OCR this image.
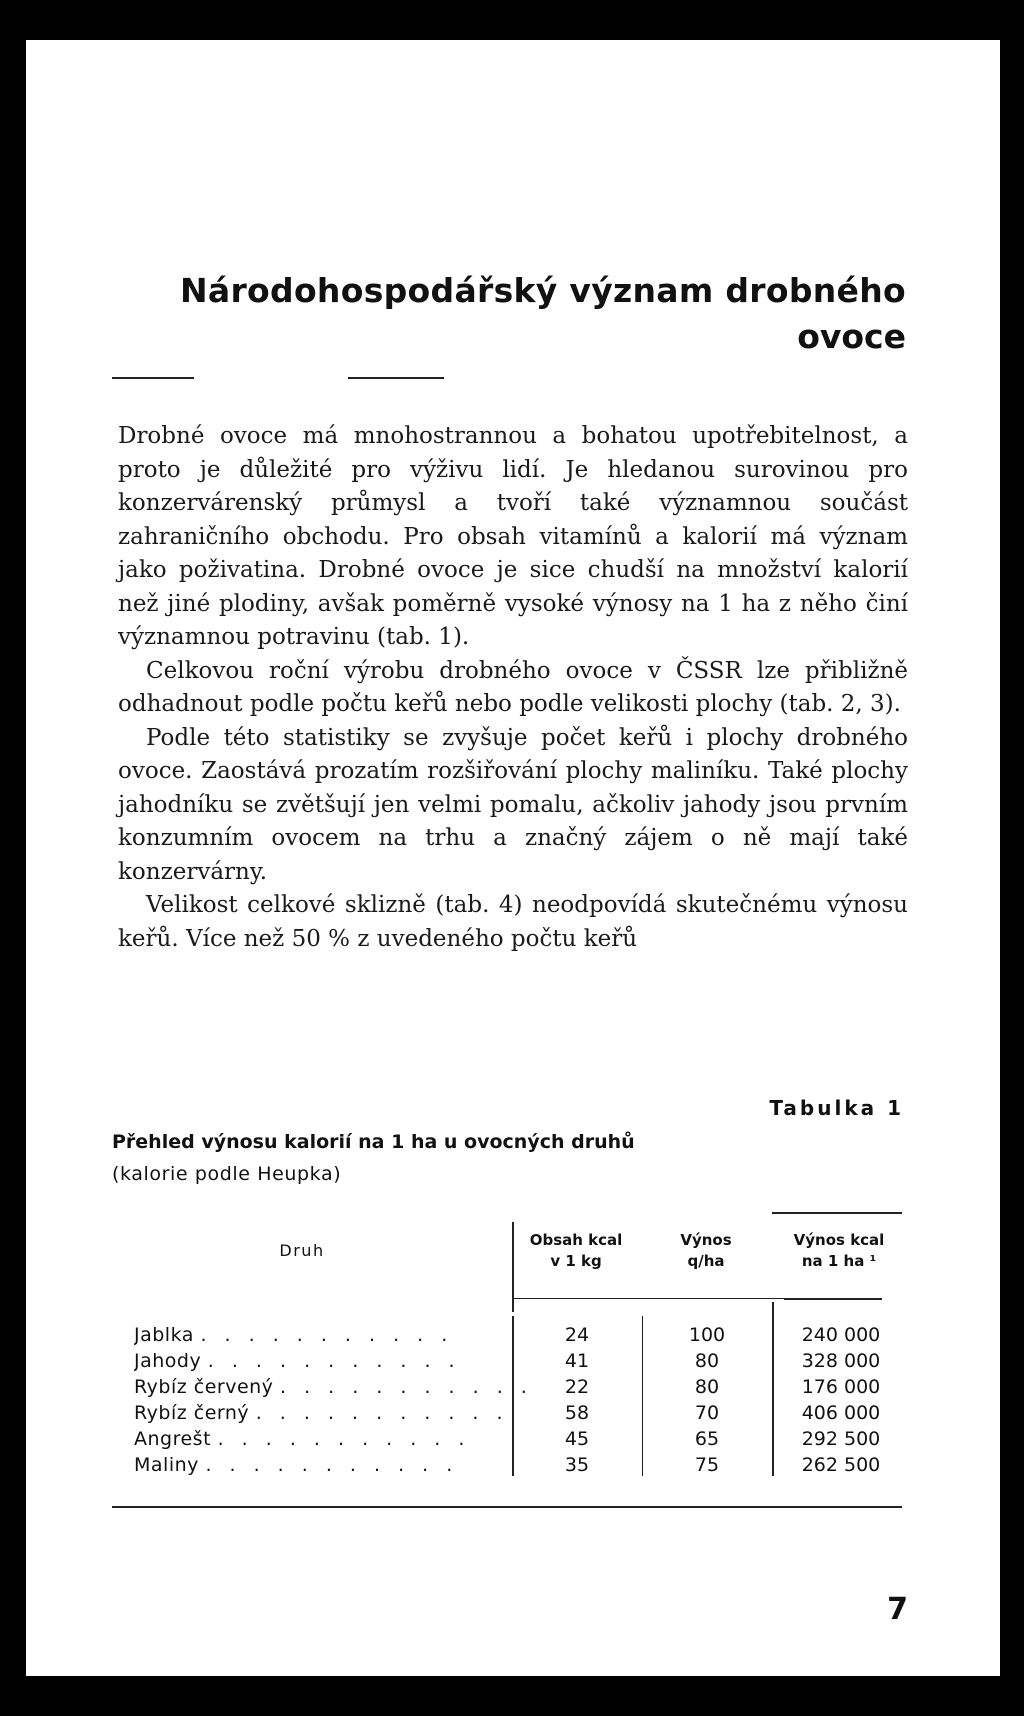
Národohospodářský význam drobného
ovoce

Drobné ovoce má mnohostrannou a bohatou upotřebitelnost, a proto je důležité pro výživu lidí. Je hledanou surovinou pro konzervárenský průmysl a tvoří také významnou součást zahraničního obchodu. Pro obsah vitamínů a kalorií má význam jako poživatina. Drobné ovoce je sice chudší na množství kalorií než jiné plodiny, avšak poměrně vysoké výnosy na 1 ha z něho činí významnou potravinu (tab. 1).

Celkovou roční výrobu drobného ovoce v ČSSR lze přibližně odhadnout podle počtu keřů nebo podle velikosti plochy (tab. 2, 3).

Podle této statistiky se zvyšuje počet keřů i plochy drobného ovoce. Zaostává prozatím rozšiřování plochy maliníku. Také plochy jahodníku se zvětšují jen velmi pomalu, ačkoliv jahody jsou prvním konzumním ovocem na trhu a značný zájem o ně mají také konzervárny.

Velikost celkové sklizně (tab. 4) neodpovídá skutečnému výnosu keřů. Více než 50 % z uvedeného počtu keřů

Tabulka 1
Přehled výnosu kalorií na 1 ha u ovocných druhů
(kalorie podle Heupka)
Druh
Obsah kcal
v 1 kg
Výnos
q/ha
Výnos kcal
na 1 ha ¹
Jablka . . . . . . . . . . .	24	100	240 000
Jahody . . . . . . . . . . .	41	80	328 000
Rybíz červený . . . . . . . . . . .	22	80	176 000
Rybíz černý . . . . . . . . . . .	58	70	406 000
Angrešt . . . . . . . . . . .	45	65	292 500
Maliny . . . . . . . . . . .	35	75	262 500
7
